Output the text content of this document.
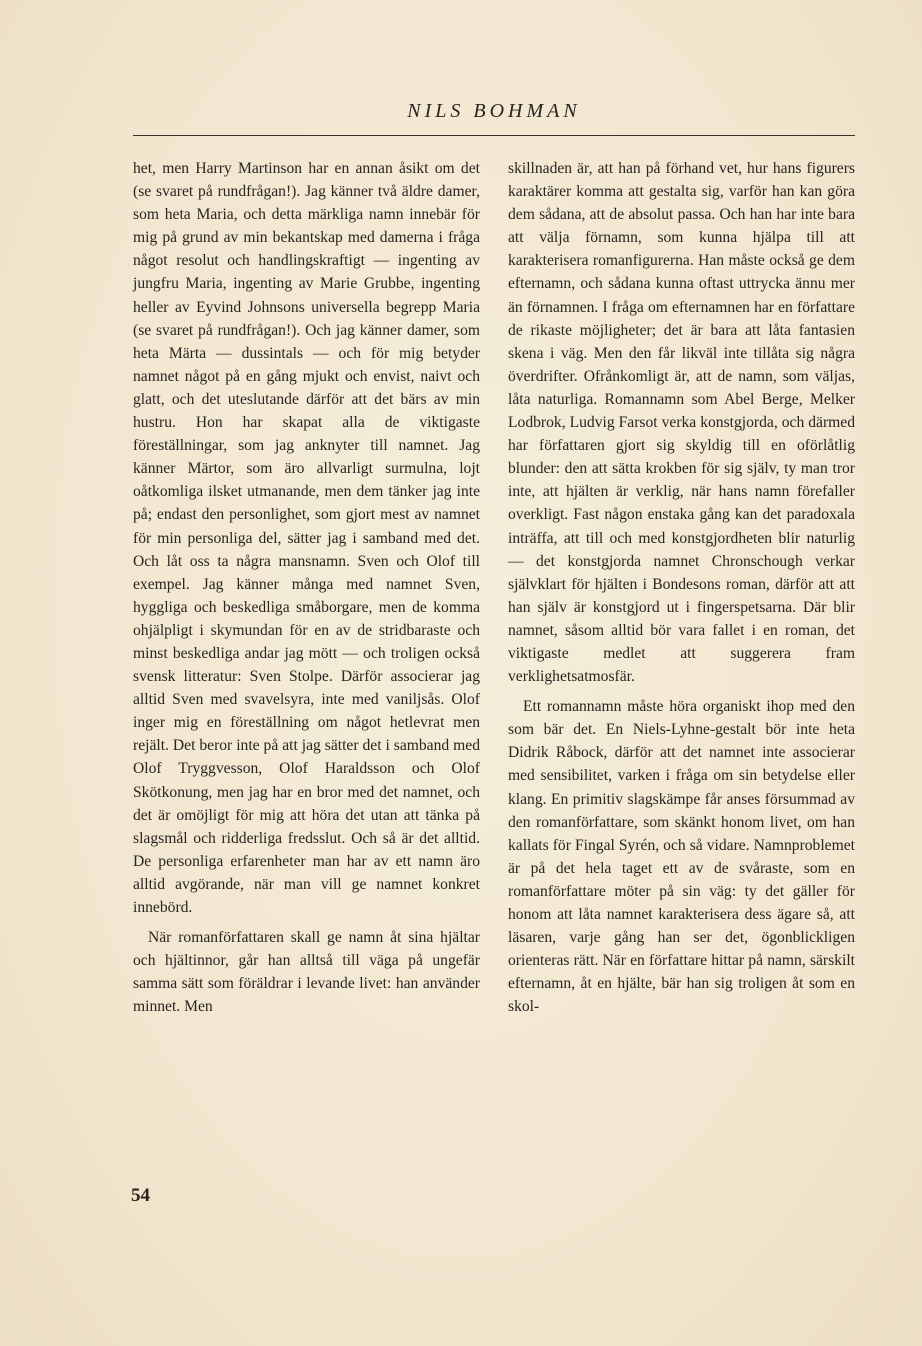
NILS BOHMAN

het, men Harry Martinson har en annan åsikt om det (se svaret på rundfrågan!). Jag känner två äldre damer, som heta Maria, och detta märkliga namn innebär för mig på grund av min bekantskap med damerna i fråga något resolut och handlingskraftigt — ingenting av jungfru Maria, ingenting av Marie Grubbe, ingenting heller av Eyvind Johnsons universella begrepp Maria (se svaret på rundfrågan!). Och jag känner damer, som heta Märta — dussintals — och för mig betyder namnet något på en gång mjukt och envist, naivt och glatt, och det uteslutande därför att det bärs av min hustru. Hon har skapat alla de viktigaste föreställningar, som jag anknyter till namnet. Jag känner Märtor, som äro allvarligt surmulna, lojt oåtkomliga ilsket utmanande, men dem tänker jag inte på; endast den personlighet, som gjort mest av namnet för min personliga del, sätter jag i samband med det. Och låt oss ta några mansnamn. Sven och Olof till exempel. Jag känner många med namnet Sven, hyggliga och beskedliga småborgare, men de komma ohjälpligt i skymundan för en av de stridbaraste och minst beskedliga andar jag mött — och troligen också svensk litteratur: Sven Stolpe. Därför associerar jag alltid Sven med svavelsyra, inte med vaniljsås. Olof inger mig en föreställning om något hetlevrat men rejält. Det beror inte på att jag sätter det i samband med Olof Tryggvesson, Olof Haraldsson och Olof Skötkonung, men jag har en bror med det namnet, och det är omöjligt för mig att höra det utan att tänka på slagsmål och ridderliga fredsslut. Och så är det alltid. De personliga erfarenheter man har av ett namn äro alltid avgörande, när man vill ge namnet konkret innebörd.

När romanförfattaren skall ge namn åt sina hjältar och hjältinnor, går han alltså till väga på ungefär samma sätt som föräldrar i levande livet: han använder minnet. Men

skillnaden är, att han på förhand vet, hur hans figurers karaktärer komma att gestalta sig, varför han kan göra dem sådana, att de absolut passa. Och han har inte bara att välja förnamn, som kunna hjälpa till att karakterisera romanfigurerna. Han måste också ge dem efternamn, och sådana kunna oftast uttrycka ännu mer än förnamnen. I fråga om efternamnen har en författare de rikaste möjligheter; det är bara att låta fantasien skena i väg. Men den får likväl inte tillåta sig några överdrifter. Ofrånkomligt är, att de namn, som väljas, låta naturliga. Romannamn som Abel Berge, Melker Lodbrok, Ludvig Farsot verka konstgjorda, och därmed har författaren gjort sig skyldig till en oförlåtlig blunder: den att sätta krokben för sig själv, ty man tror inte, att hjälten är verklig, när hans namn förefaller overkligt. Fast någon enstaka gång kan det paradoxala inträffa, att till och med konstgjordheten blir naturlig — det konstgjorda namnet Chronschough verkar självklart för hjälten i Bondesons roman, därför att att han själv är konstgjord ut i fingerspetsarna. Där blir namnet, såsom alltid bör vara fallet i en roman, det viktigaste medlet att suggerera fram verklighetsatmosfär.

Ett romannamn måste höra organiskt ihop med den som bär det. En Niels-Lyhne-gestalt bör inte heta Didrik Råbock, därför att det namnet inte associerar med sensibilitet, varken i fråga om sin betydelse eller klang. En primitiv slagskämpe får anses försummad av den romanförfattare, som skänkt honom livet, om han kallats för Fingal Syrén, och så vidare. Namnproblemet är på det hela taget ett av de svåraste, som en romanförfattare möter på sin väg: ty det gäller för honom att låta namnet karakterisera dess ägare så, att läsaren, varje gång han ser det, ögonblickligen orienteras rätt. När en författare hittar på namn, särskilt efternamn, åt en hjälte, bär han sig troligen åt som en skol-

54
